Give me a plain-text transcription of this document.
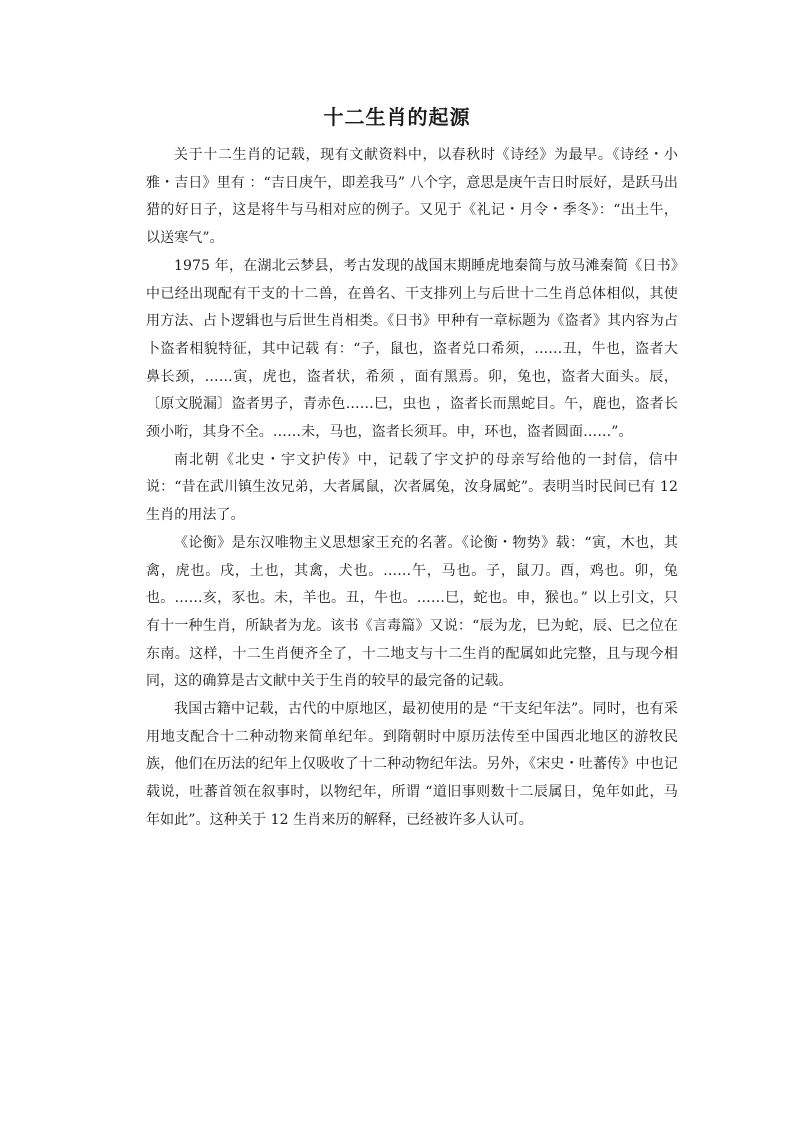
十二生肖的起源

关于十二生肖的记载，现有文献资料中，以春秋时《诗经》为最早。《诗经・小雅・吉日》里有 ：“吉日庚午，即差我马” 八个字，意思是庚午吉日时辰好，是跃马出猎的好日子，这是将牛与马相对应的例子。又见于《礼记・月令・季冬》：“出土牛，以送寒气”。

1975 年，在湖北云梦县，考古发现的战国末期睡虎地秦简与放马滩秦简《日书》中已经出现配有干支的十二兽，在兽名、干支排列上与后世十二生肖总体相似，其使用方法、占卜逻辑也与后世生肖相类。《日书》甲种有一章标题为《盗者》其内容为占卜盗者相貌特征，其中记载 有：“子，鼠也，盗者兑口希须，……丑，牛也，盗者大鼻长颈，……寅，虎也，盗者状，希须 ，面有黑焉。卯，兔也，盗者大面头。辰，〔原文脱漏〕盗者男子，青赤色……巳，虫也 ，盗者长而黑蛇目。午，鹿也，盗者长颈小哘，其身不全。……未，马也，盗者长须耳。申，环也，盗者圆面……”。

南北朝《北史・宇文护传》中，记载了宇文护的母亲写给他的一封信，信中说：“昔在武川镇生汝兄弟，大者属鼠，次者属兔，汝身属蛇”。表明当时民间已有 12 生肖的用法了。

《论衡》是东汉唯物主义思想家王充的名著。《论衡・物势》载：“寅，木也，其禽，虎也。戌，土也，其禽，犬也。……午，马也。子，鼠刀。酉，鸡也。卯，兔也。……亥，豕也。未，羊也。丑，牛也。……巳，蛇也。申，猴也。” 以上引文，只有十一种生肖，所缺者为龙。该书《言毒篇》又说：“辰为龙，巳为蛇，辰、巳之位在东南。这样，十二生肖便齐全了，十二地支与十二生肖的配属如此完整，且与现今相同，这的确算是古文献中关于生肖的较早的最完备的记载。

我国古籍中记载，古代的中原地区，最初使用的是 “干支纪年法”。同时，也有采用地支配合十二种动物来简单纪年。到隋朝时中原历法传至中国西北地区的游牧民族，他们在历法的纪年上仅吸收了十二种动物纪年法。另外，《宋史・吐蕃传》中也记载说，吐蕃首领在叙事时，以物纪年，所谓 “道旧事则数十二辰属日，兔年如此，马年如此”。这种关于 12 生肖来历的解释，已经被许多人认可。
